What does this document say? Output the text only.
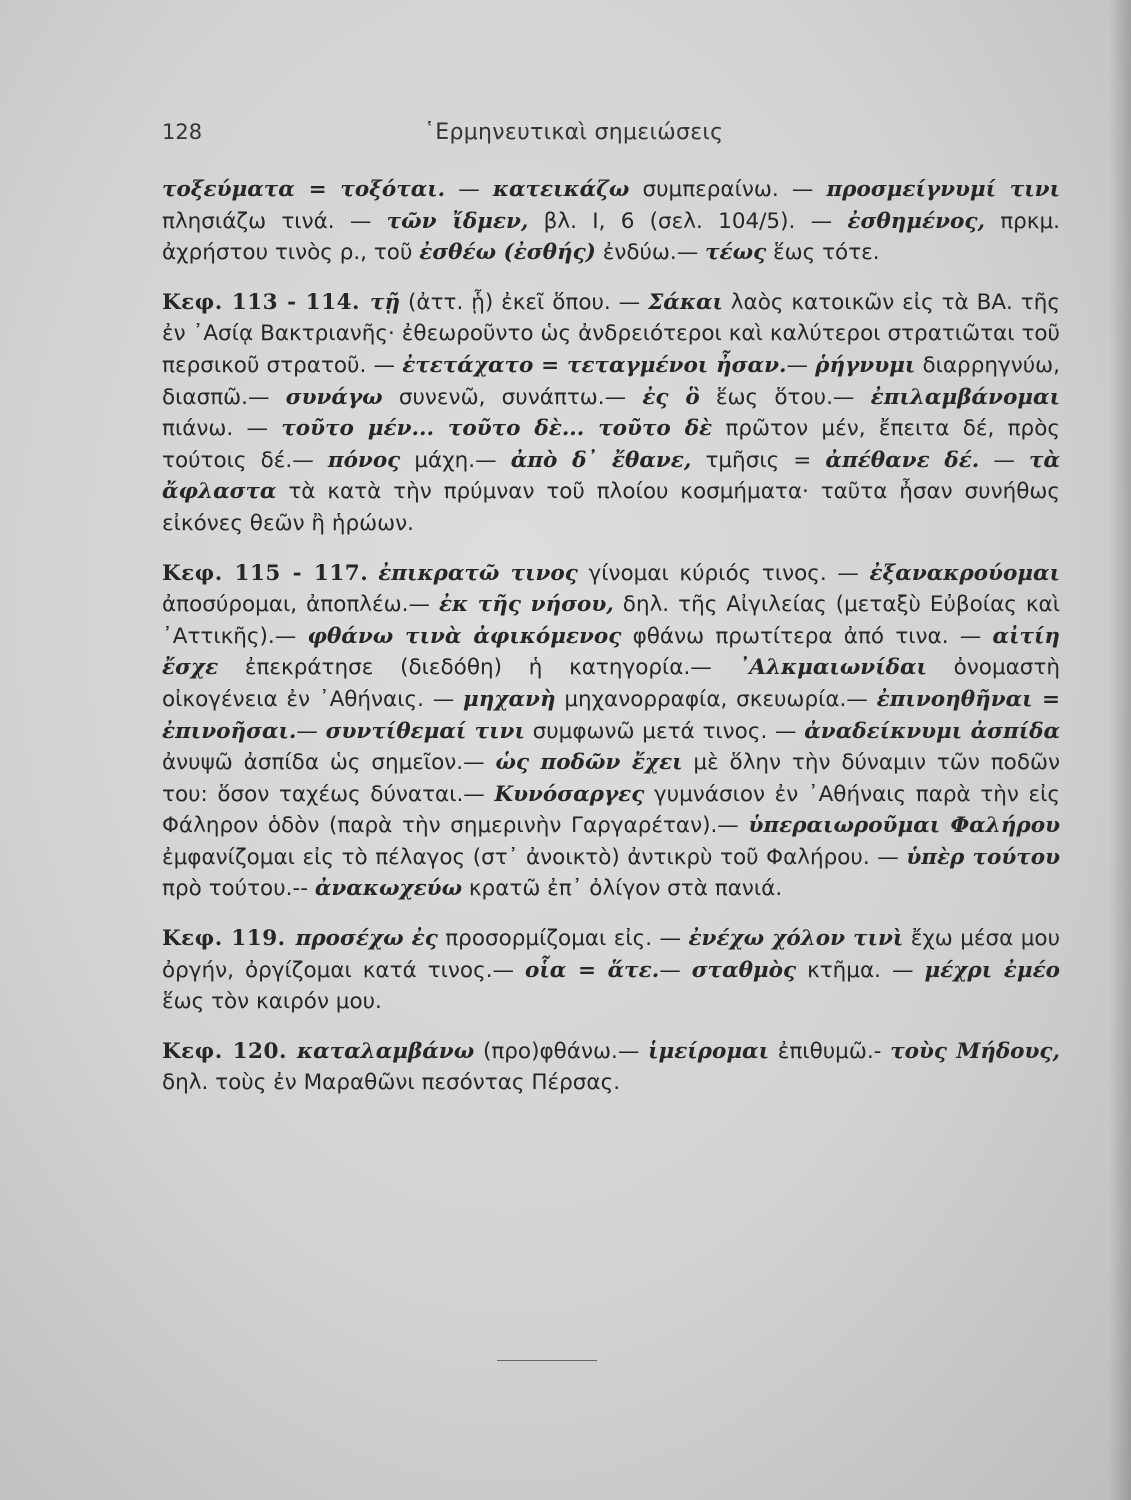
128	῾Ερμηνευτικαὶ σημειώσεις

τοξεύματα = τοξόται. — κατεικάζω συμπεραίνω. — προσμείγνυμί τινι πλησιάζω τινά. — τῶν ἴδμεν, βλ. Ι, 6 (σελ. 104/5). — ἐσθημένος, πρκμ. ἀχρήστου τινὸς ρ., τοῦ ἐσθέω (ἐσθής) ἐνδύω.— τέως ἕως τότε.

Κεφ. 113 - 114. τῇ (ἀττ. ᾗ) ἐκεῖ ὅπου. — Σάκαι λαὸς κατοικῶν εἰς τὰ ΒΑ. τῆς ἐν ᾽Ασίᾳ Βακτριανῆς· ἐθεωροῦντο ὡς ἀνδρειότεροι καὶ καλύτεροι στρατιῶται τοῦ περσικοῦ στρατοῦ. — ἐτετάχατο = τεταγμένοι ἦσαν.— ῥήγνυμι διαρρηγνύω, διασπῶ.— συνάγω συνενῶ, συνάπτω.— ἐς ὃ ἕως ὅτου.— ἐπιλαμβάνομαι πιάνω. — τοῦτο μέν... τοῦτο δὲ... τοῦτο δὲ πρῶτον μέν, ἔπειτα δέ, πρὸς τούτοις δέ.— πόνος μάχη.— ἀπὸ δ᾽ ἔθανε, τμῆσις = ἀπέθανε δέ. — τὰ ἄφλαστα τὰ κατὰ τὴν πρύμναν τοῦ πλοίου κοσμήματα· ταῦτα ἦσαν συνήθως εἰκόνες θεῶν ἢ ἡρώων.

Κεφ. 115 - 117. ἐπικρατῶ τινος γίνομαι κύριός τινος. — ἐξανακρούομαι ἀποσύρομαι, ἀποπλέω.— ἐκ τῆς νήσου, δηλ. τῆς Αἰγιλείας (μεταξὺ Εὐβοίας καὶ ᾽Αττικῆς).— φθάνω τινὰ ἀφικόμενος φθάνω πρωτίτερα ἀπό τινα. — αἰτίη ἔσχε ἐπεκράτησε (διεδόθη) ἡ κατηγορία.— ᾽Αλκμαιωνίδαι ὀνομαστὴ οἰκογένεια ἐν ᾽Αθήναις. — μηχανὴ μηχανορραφία, σκευωρία.— ἐπινοηθῆναι = ἐπινοῆσαι.— συντίθεμαί τινι συμφωνῶ μετά τινος. — ἀναδείκνυμι ἀσπίδα ἀνυψῶ ἀσπίδα ὡς σημεῖον.— ὡς ποδῶν ἔχει μὲ ὅλην τὴν δύναμιν τῶν ποδῶν του: ὅσον ταχέως δύναται.— Κυνόσαργες γυμνάσιον ἐν ᾽Αθήναις παρὰ τὴν εἰς Φάληρον ὁδὸν (παρὰ τὴν σημερινὴν Γαργαρέταν).— ὑπεραιωροῦμαι Φαλήρου ἐμφανίζομαι εἰς τὸ πέλαγος (στ᾽ ἀνοικτὸ) ἀντικρὺ τοῦ Φαλήρου. — ὑπὲρ τούτου πρὸ τούτου.-- ἀνακωχεύω κρατῶ ἐπ᾽ ὀλίγον στὰ πανιά.

Κεφ. 119. προσέχω ἐς προσορμίζομαι εἰς. — ἐνέχω χόλον τινὶ ἔχω μέσα μου ὀργήν, ὀργίζομαι κατά τινος.— οἷα = ἅτε.— σταθμὸς κτῆμα. — μέχρι ἐμέο ἕως τὸν καιρόν μου.

Κεφ. 120. καταλαμβάνω (προ)φθάνω.— ἱμείρομαι ἐπιθυμῶ.- τοὺς Μήδους, δηλ. τοὺς ἐν Μαραθῶνι πεσόντας Πέρσας.
